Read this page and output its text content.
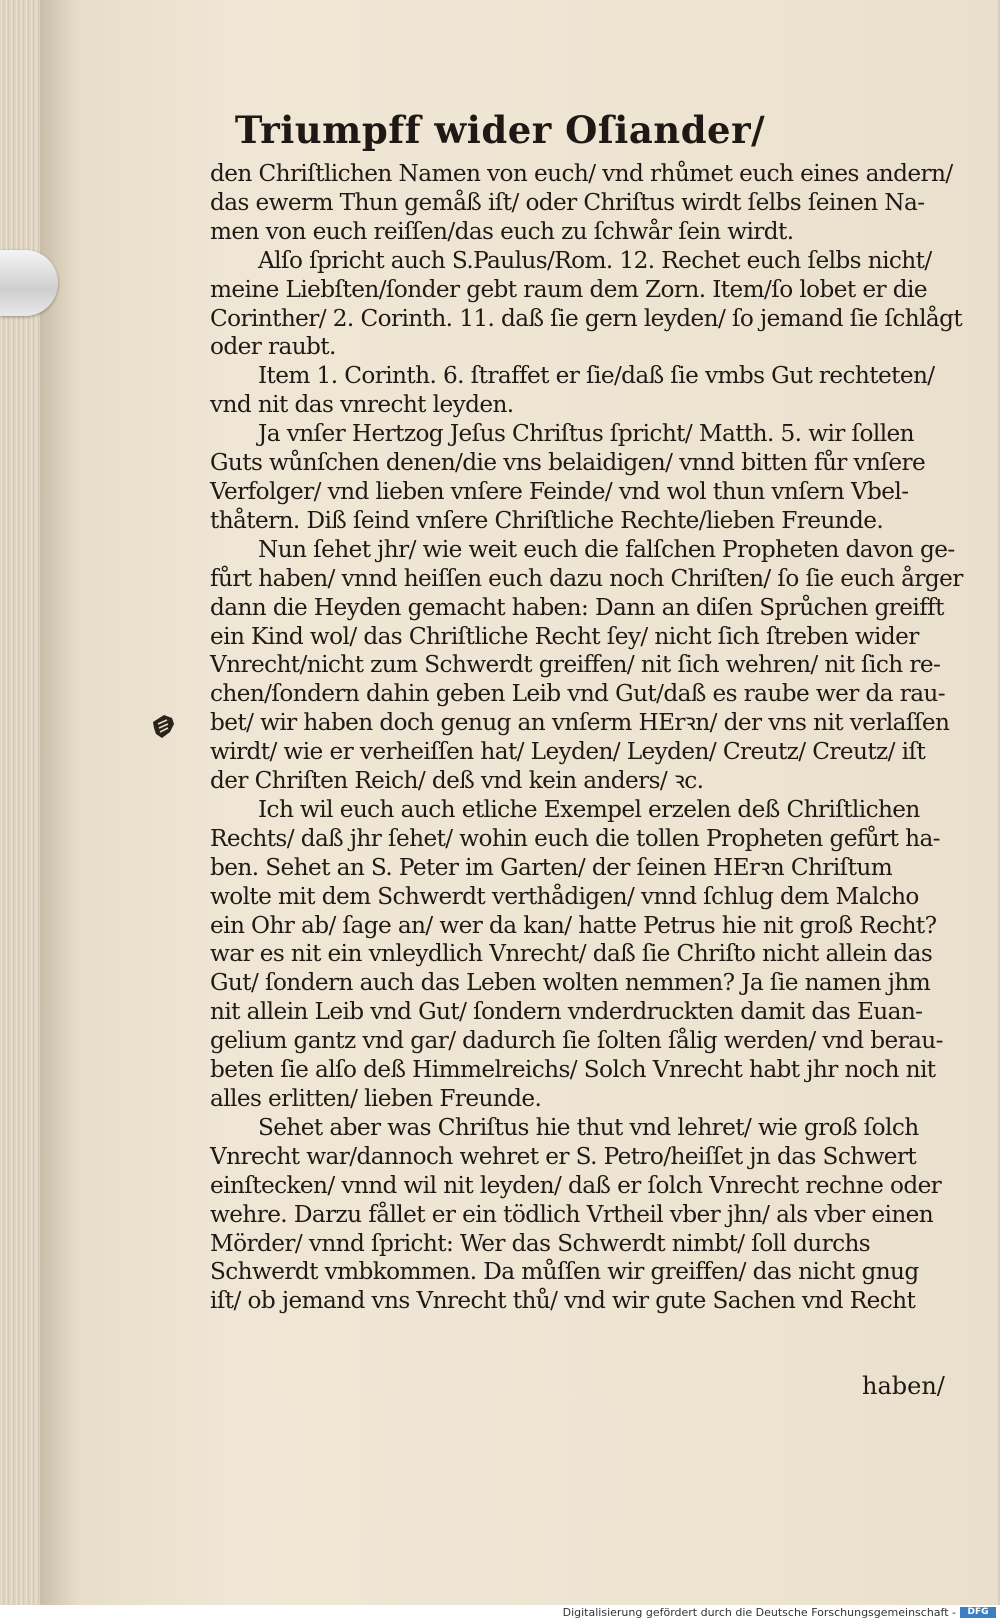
Triumpff wider Oſiander/
den Chriſtlichen Namen von euch/ vnd rhůmet euch eines andern/
das ewerm Thun gemåß iſt/ oder Chriſtus wirdt ſelbs ſeinen Na-
men von euch reiſſen/das euch zu ſchwår ſein wirdt.
Alſo ſpricht auch S.Paulus/Rom. 12. Rechet euch ſelbs nicht/
meine Liebſten/ſonder gebt raum dem Zorn. Item/ſo lobet er die
Corinther/ 2. Corinth. 11. daß ſie gern leyden/ ſo jemand ſie ſchlågt
oder raubt.
Item 1. Corinth. 6. ſtraffet er ſie/daß ſie vmbs Gut rechteten/
vnd nit das vnrecht leyden.
Ja vnſer Hertzog Jeſus Chriſtus ſpricht/ Matth. 5. wir ſollen
Guts wůnſchen denen/die vns belaidigen/ vnnd bitten fůr vnſere
Verfolger/ vnd lieben vnſere Feinde/ vnd wol thun vnſern Vbel-
thåtern. Diß ſeind vnſere Chriſtliche Rechte/lieben Freunde.
Nun ſehet jhr/ wie weit euch die falſchen Propheten davon ge-
fůrt haben/ vnnd heiſſen euch dazu noch Chriſten/ ſo ſie euch årger
dann die Heyden gemacht haben: Dann an diſen Sprůchen greifft
ein Kind wol/ das Chriſtliche Recht ſey/ nicht ſich ſtreben wider
Vnrecht/nicht zum Schwerdt greiffen/ nit ſich wehren/ nit ſich re-
chen/ſondern dahin geben Leib vnd Gut/daß es raube wer da rau-
bet/ wir haben doch genug an vnſerm HErꝛn/ der vns nit verlaſſen
wirdt/ wie er verheiſſen hat/ Leyden/ Leyden/ Creutz/ Creutz/ iſt
der Chriſten Reich/ deß vnd kein anders/ ꝛc.
Ich wil euch auch etliche Exempel erzelen deß Chriſtlichen
Rechts/ daß jhr ſehet/ wohin euch die tollen Propheten gefůrt ha-
ben. Sehet an S. Peter im Garten/ der ſeinen HErꝛn Chriſtum
wolte mit dem Schwerdt verthådigen/ vnnd ſchlug dem Malcho
ein Ohr ab/ ſage an/ wer da kan/ hatte Petrus hie nit groß Recht?
war es nit ein vnleydlich Vnrecht/ daß ſie Chriſto nicht allein das
Gut/ ſondern auch das Leben wolten nemmen? Ja ſie namen jhm
nit allein Leib vnd Gut/ ſondern vnderdruckten damit das Euan-
gelium gantz vnd gar/ dadurch ſie ſolten ſålig werden/ vnd berau-
beten ſie alſo deß Himmelreichs/ Solch Vnrecht habt jhr noch nit
alles erlitten/ lieben Freunde.
Sehet aber was Chriſtus hie thut vnd lehret/ wie groß ſolch
Vnrecht war/dannoch wehret er S. Petro/heiſſet jn das Schwert
einſtecken/ vnnd wil nit leyden/ daß er ſolch Vnrecht rechne oder
wehre. Darzu fållet er ein tödlich Vrtheil vber jhn/ als vber einen
Mörder/ vnnd ſpricht: Wer das Schwerdt nimbt/ ſoll durchs
Schwerdt vmbkommen. Da můſſen wir greiffen/ das nicht gnug
iſt/ ob jemand vns Vnrecht thů/ vnd wir gute Sachen vnd Recht
haben/
Digitalisierung gefördert durch die Deutsche Forschungsgemeinschaft -	DFG
